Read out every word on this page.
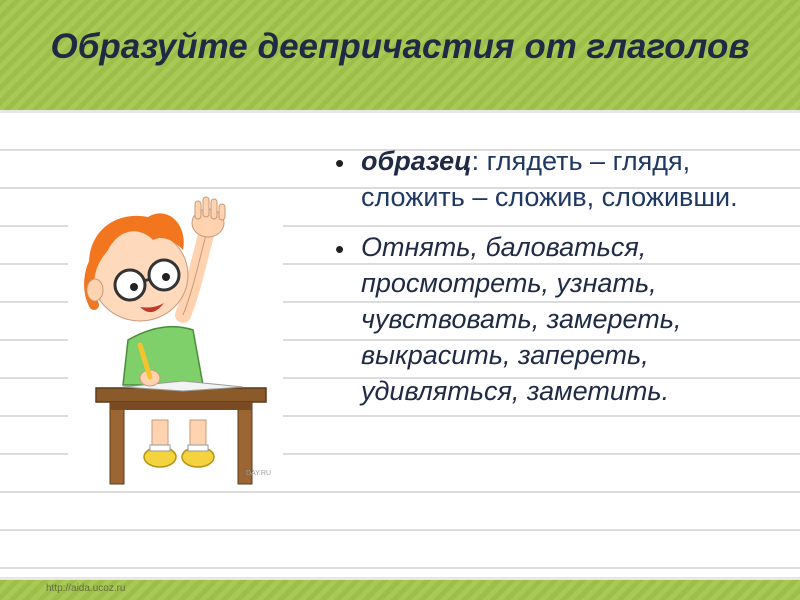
Образуйте деепричастия от глаголов
• образец: глядеть – глядя, сложить – сложив, сложивши.
• Отнять, баловаться, просмотреть, узнать, чувствовать, замереть, выкрасить, запереть, удивляться, заметить.
DAY.RU
http://aida.ucoz.ru
